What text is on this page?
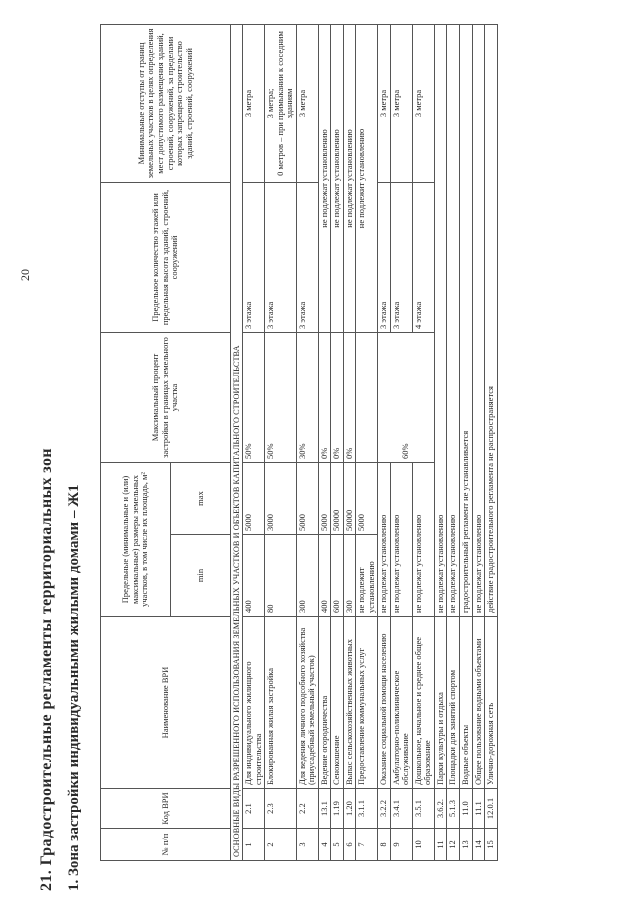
20
21. Градостроительные регламенты территориальных зон 1. Зона застройки индивидуальными жилыми домами – Ж1	№ п/п	Код ВРИ	Наименование ВРИ	Предельные (минимальные и (или) максимальные) размеры земельных участков, в том числе их площадь, м²		Максимальный процент застройки в границах земельного участка	Предельное количество этажей или предельная высота зданий, строений, сооружений	Минимальные отступы от границ земельных участков в целях определения мест допустимого размещения зданий, строений, сооружений, за пределами которых запрещено строительство зданий, строений, сооружений
			min	max			
ОСНОВНЫЕ ВИДЫ РАЗРЕШЕННОГО ИСПОЛЬЗОВАНИЯ ЗЕМЕЛЬНЫХ УЧАСТКОВ И ОБЪЕКТОВ КАПИТАЛЬНОГО СТРОИТЕЛЬСТВА							
1	2.1	Для индивидуального жилищного строительства	400	5000	50%	3 этажа	3 метра
2	2.3	Блокированная жилая застройка	80	3000	50%	3 этажа	3 метра;
0 метров – при примыкании к соседним зданиям
3	2.2	Для ведения личного подсобного хозяйства (приусадебный земельный участок)	300	5000	30%	3 этажа	3 метра
4	13.1	Ведение огородничества	400	5000	0%	не подлежат установлению	
5	1.19	Сенокошение	600	50000	0%	не подлежат установлению	
6	1.20	Выпас сельскохозяйственных животных	300	50000	0%	не подлежат установлению	
7	3.1.1	Предоставление коммунальных услуг	не подлежит установлению	5000		не подлежит установлению	
8	3.2.2	Оказание социальной помощи населению	не подлежат установлению		60%	3 этажа	3 метра
9	3.4.1	Амбулаторно-поликлиническое обслуживание	не подлежат установлению			3 этажа	3 метра
10	3.5.1	Дошкольное, начальное и среднее общее образование	не подлежат установлению			4 этажа	3 метра
11	3.6.2.	Парки культуры и отдыха	не подлежат установлению				
12	5.1.3	Площадки для занятий спортом	не подлежат установлению				
13	11.0	Водные объекты	градостроительный регламент не устанавливается				
14	11.1	Общее пользование водными объектами	не подлежат установлению				
15	12.0.1	Улично-дорожная сеть	действие градостроительного регламента не распространяется				
